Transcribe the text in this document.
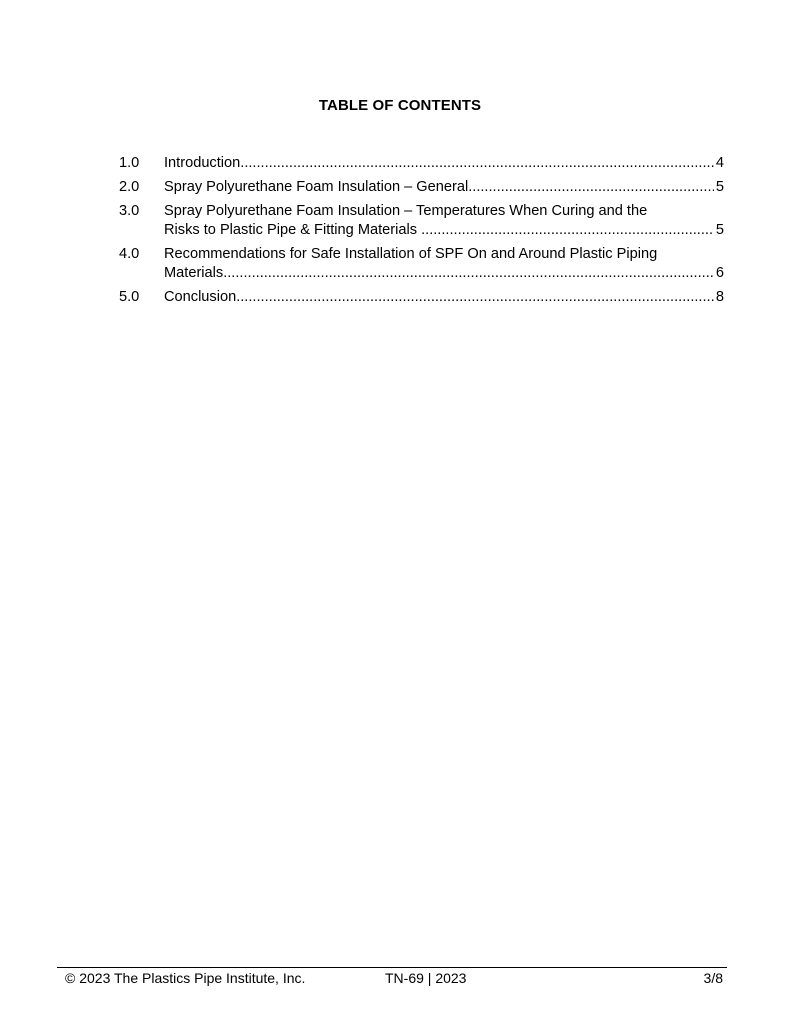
TABLE OF CONTENTS
1.0	Introduction .....	4
2.0	Spray Polyurethane Foam Insulation – General .....	5
3.0	Spray Polyurethane Foam Insulation – Temperatures When Curing and the
Risks to Plastic Pipe & Fitting Materials .....	5
4.0	Recommendations for Safe Installation of SPF On and Around Plastic Piping
Materials .....	6
5.0	Conclusion .....	8
© 2023 The Plastics Pipe Institute, Inc.	TN-69 | 2023	3/8
